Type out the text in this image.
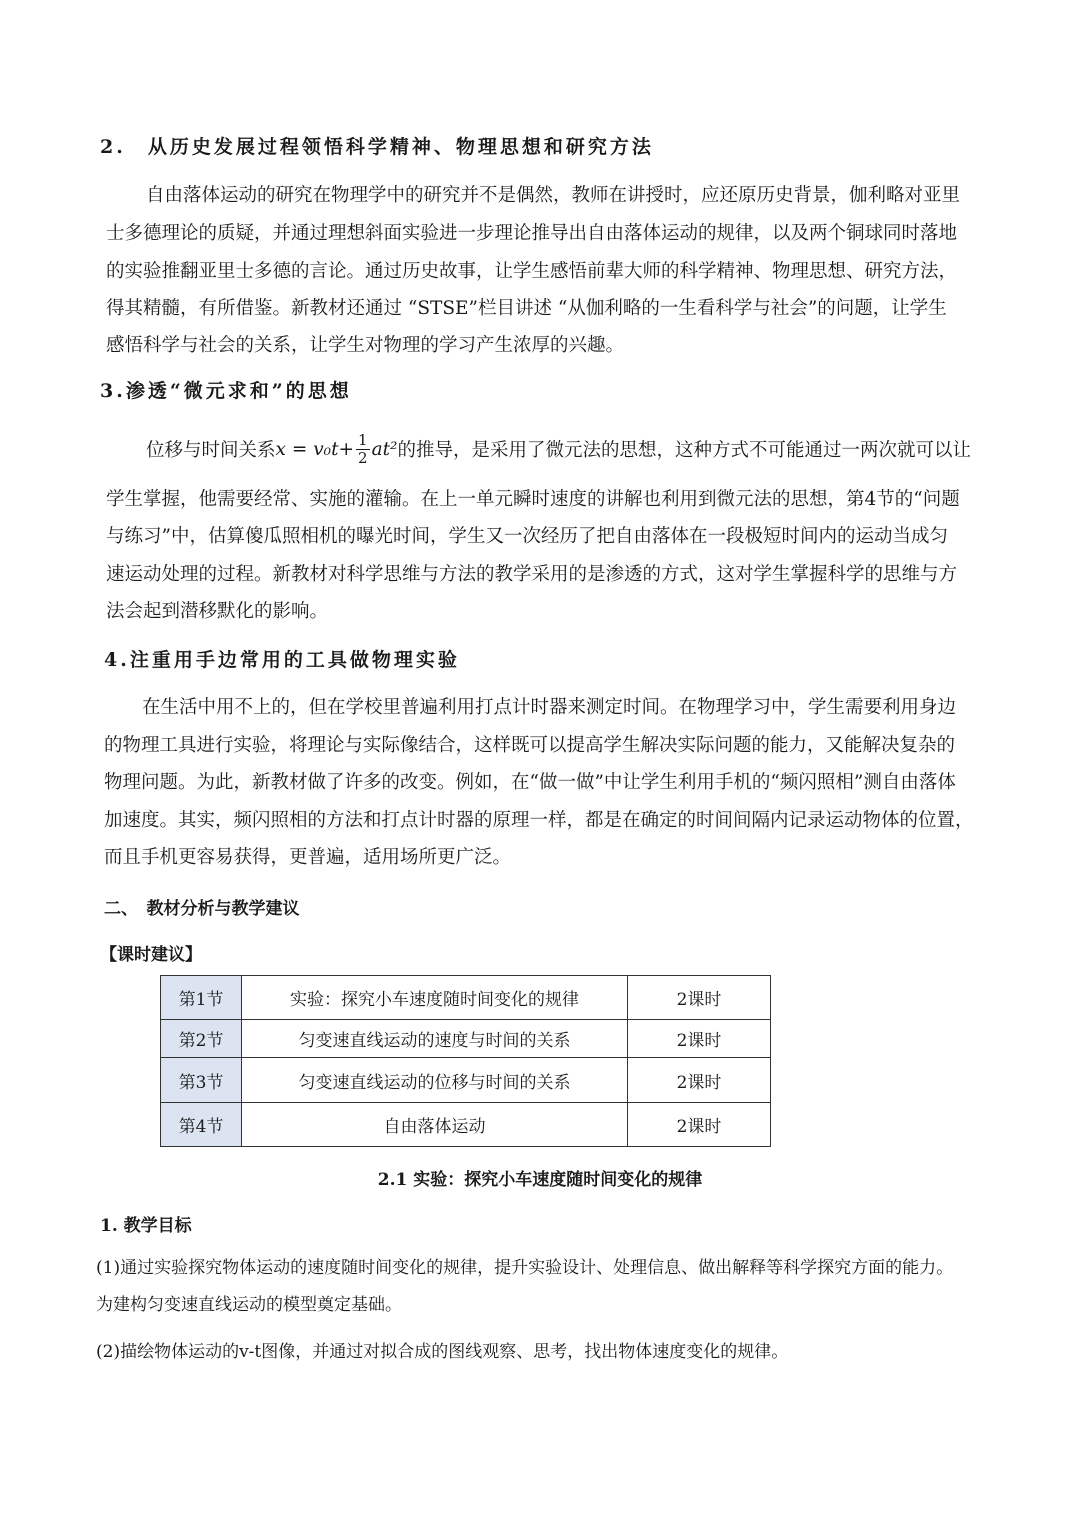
2.　从历史发展过程领悟科学精神、物理思想和研究方法
自由落体运动的研究在物理学中的研究并不是偶然，教师在讲授时，应还原历史背景，伽利略对亚里
士多德理论的质疑，并通过理想斜面实验进一步理论推导出自由落体运动的规律，以及两个铜球同时落地
的实验推翻亚里士多德的言论。通过历史故事，让学生感悟前辈大师的科学精神、物理思想、研究方法，
得其精髓，有所借鉴。新教材还通过 “STSE”栏目讲述 “从伽利略的一生看科学与社会”的问题，让学生
感悟科学与社会的关系，让学生对物理的学习产生浓厚的兴趣。
3.渗透“微元求和”的思想
位移与时间关系 $x = v_0t+ \frac{1}{2} at^2$ 的推导，是采用了微元法的思想，这种方式不可能通过一两次就可以让
学生掌握，他需要经常、实施的灌输。在上一单元瞬时速度的讲解也利用到微元法的思想，第4节的“问题
与练习”中，估算傻瓜照相机的曝光时间，学生又一次经历了把自由落体在一段极短时间内的运动当成匀
速运动处理的过程。新教材对科学思维与方法的教学采用的是渗透的方式，这对学生掌握科学的思维与方
法会起到潜移默化的影响。
4.注重用手边常用的工具做物理实验
在生活中用不上的，但在学校里普遍利用打点计时器来测定时间。在物理学习中，学生需要利用身边
的物理工具进行实验，将理论与实际像结合，这样既可以提高学生解决实际问题的能力，又能解决复杂的
物理问题。为此，新教材做了许多的改变。例如，在“做一做”中让学生利用手机的“频闪照相”测自由落体
加速度。其实，频闪照相的方法和打点计时器的原理一样，都是在确定的时间间隔内记录运动物体的位置，
而且手机更容易获得，更普遍，适用场所更广泛。
二、　教材分析与教学建议
【课时建议】
第1节	实验：探究小车速度随时间变化的规律	2课时
第2节	匀变速直线运动的速度与时间的关系	2课时
第3节	匀变速直线运动的位移与时间的关系	2课时
第4节	自由落体运动	2课时
2.1 实验：探究小车速度随时间变化的规律
1. 教学目标
(1)通过实验探究物体运动的速度随时间变化的规律，提升实验设计、处理信息、做出解释等科学探究方面的能力。
为建构匀变速直线运动的模型奠定基础。
(2)描绘物体运动的v-t图像，并通过对拟合成的图线观察、思考，找出物体速度变化的规律。
